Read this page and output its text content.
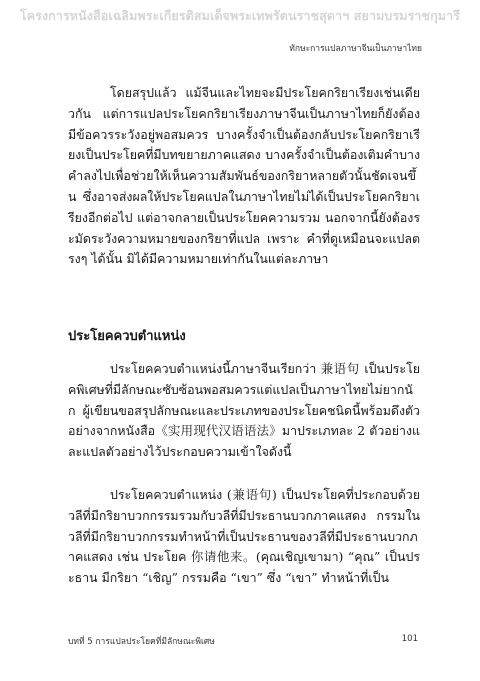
โครงการหนังสือเฉลิมพระเกียรติสมเด็จพระเทพรัตนราชสุดาฯ สยามบรมราชกุมารี
ทักษะการแปลภาษาจีนเป็นภาษาไทย

โดยสรุปแล้ว แม้จีนและไทยจะมีประโยคกริยาเรียงเช่นเดียวกัน แต่การแปลประโยคกริยาเรียงภาษาจีนเป็นภาษาไทยก็ยังต้องมีข้อควรระวังอยู่พอสมควร บางครั้งจำเป็นต้องกลับประโยคกริยาเรียงเป็นประโยคที่มีบทขยายภาคแสดง บางครั้งจำเป็นต้องเติมคำบางคำลงไปเพื่อช่วยให้เห็นความสัมพันธ์ของกริยาหลายตัวนั้นชัดเจนขึ้น ซึ่งอาจส่งผลให้ประโยคแปลในภาษาไทยไม่ได้เป็นประโยคกริยาเรียงอีกต่อไป แต่อาจกลายเป็นประโยคความรวม นอกจากนี้ยังต้องระมัดระวังความหมายของกริยาที่แปล เพราะ คำที่ดูเหมือนจะแปลตรงๆ ได้นั้น มิได้มีความหมายเท่ากันในแต่ละภาษา

ประโยคควบตำแหน่ง

ประโยคควบตำแหน่งนี้ภาษาจีนเรียกว่า 兼语句 เป็นประโยคพิเศษที่มีลักษณะซับซ้อนพอสมควรแต่แปลเป็นภาษาไทยไม่ยากนัก ผู้เขียนขอสรุปลักษณะและประเภทของประโยคชนิดนี้พร้อมดึงตัวอย่างจากหนังสือ《实用现代汉语语法》มาประเภทละ 2 ตัวอย่างและแปลตัวอย่างไว้ประกอบความเข้าใจดังนี้

ประโยคควบตำแหน่ง (兼语句) เป็นประโยคที่ประกอบด้วยวลีที่มีกริยาบวกกรรมรวมกับวลีที่มีประธานบวกภาคแสดง กรรมในวลีที่มีกริยาบวกกรรมทำหน้าที่เป็นประธานของวลีที่มีประธานบวกภาคแสดง เช่น ประโยค 你请他来。(คุณเชิญเขามา) “คุณ” เป็นประธาน มีกริยา “เชิญ” กรรมคือ “เขา” ซึ่ง “เขา” ทำหน้าที่เป็น

บทที่ 5 การแปลประโยคที่มีลักษณะพิเศษ	101
